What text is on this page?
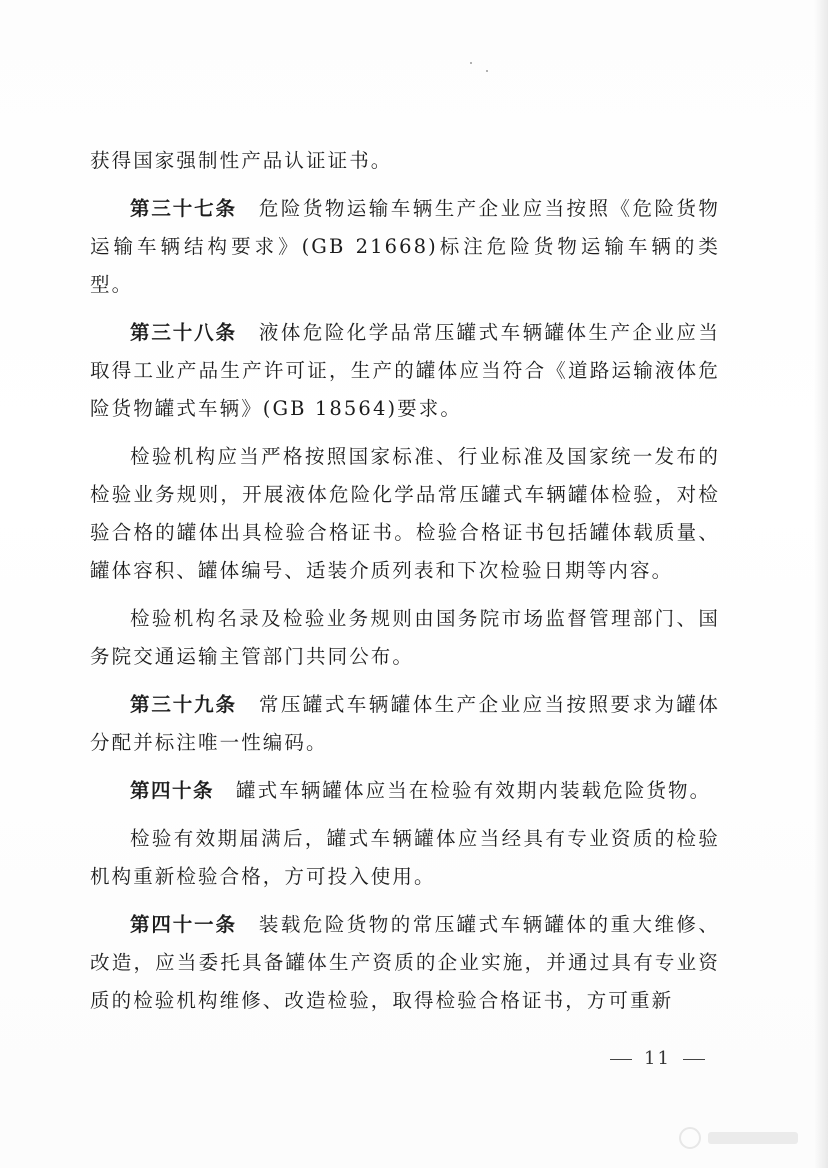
获得国家强制性产品认证证书。

第三十七条 危险货物运输车辆生产企业应当按照《危险货物运输车辆结构要求》(GB 21668)标注危险货物运输车辆的类型。

第三十八条 液体危险化学品常压罐式车辆罐体生产企业应当取得工业产品生产许可证，生产的罐体应当符合《道路运输液体危险货物罐式车辆》(GB 18564)要求。

检验机构应当严格按照国家标准、行业标准及国家统一发布的检验业务规则，开展液体危险化学品常压罐式车辆罐体检验，对检验合格的罐体出具检验合格证书。检验合格证书包括罐体载质量、罐体容积、罐体编号、适装介质列表和下次检验日期等内容。

检验机构名录及检验业务规则由国务院市场监督管理部门、国务院交通运输主管部门共同公布。

第三十九条 常压罐式车辆罐体生产企业应当按照要求为罐体分配并标注唯一性编码。

第四十条 罐式车辆罐体应当在检验有效期内装载危险货物。

检验有效期届满后，罐式车辆罐体应当经具有专业资质的检验机构重新检验合格，方可投入使用。

第四十一条 装载危险货物的常压罐式车辆罐体的重大维修、改造，应当委托具备罐体生产资质的企业实施，并通过具有专业资质的检验机构维修、改造检验，取得检验合格证书，方可重新

11
